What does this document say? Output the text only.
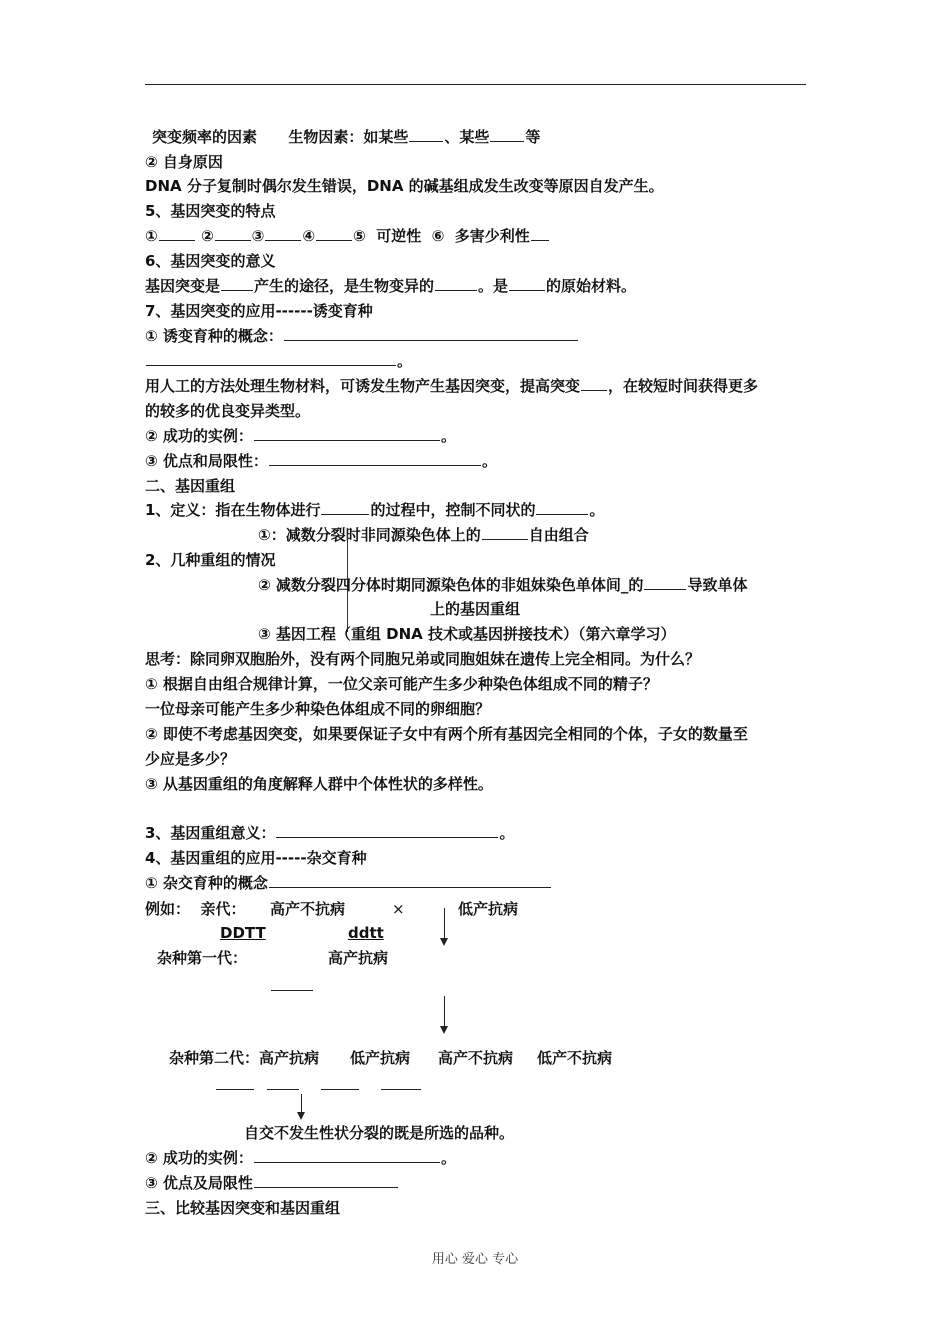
突变频率的因素 生物因素：如某些 、某些 等
② 自身原因
DNA 分子复制时偶尔发生错误，DNA 的碱基组成发生改变等原因自发产生。
5、基因突变的特点
①	②	③	④	⑤  可逆性  ⑥  多害少利性
6、基因突变的意义
基因突变是 产生的途径，是生物变异的	。是	的原始材料。
7、基因突变的应用------诱变育种
① 诱变育种的概念：
。
用人工的方法处理生物材料，可诱发生物产生基因突变，提高突变 ，在较短时间获得更多
的较多的优良变异类型。
② 成功的实例：	。
③ 优点和局限性：	。
二、基因重组
1、定义：指在生物体进行	的过程中，控制不同状的	。
①：减数分裂时非同源染色体上的	自由组合
2、几种重组的情况
② 减数分裂四分体时期同源染色体的非姐妹染色单体间_的	导致单体
上的基因重组
③ 基因工程（重组 DNA 技术或基因拼接技术）（第六章学习）
思考：除同卵双胞胎外，没有两个同胞兄弟或同胞姐妹在遗传上完全相同。为什么？
① 根据自由组合规律计算，一位父亲可能产生多少种染色体组成不同的精子？
一位母亲可能产生多少种染色体组成不同的卵细胞？
② 即使不考虑基因突变，如果要保证子女中有两个所有基因完全相同的个体，子女的数量至
少应是多少？
③ 从基因重组的角度解释人群中个体性状的多样性。
3、基因重组意义：	。
4、基因重组的应用-----杂交育种
① 杂交育种的概念
例如：  亲代： 高产不抗病	×	低产抗病
DDTT	ddtt
杂种第一代：	高产抗病
杂种第二代：高产抗病 低产抗病 高产不抗病 低产不抗病
自交不发生性状分裂的既是所选的品种。
② 成功的实例：	。
③ 优点及局限性
三、比较基因突变和基因重组
用心 爱心 专心
